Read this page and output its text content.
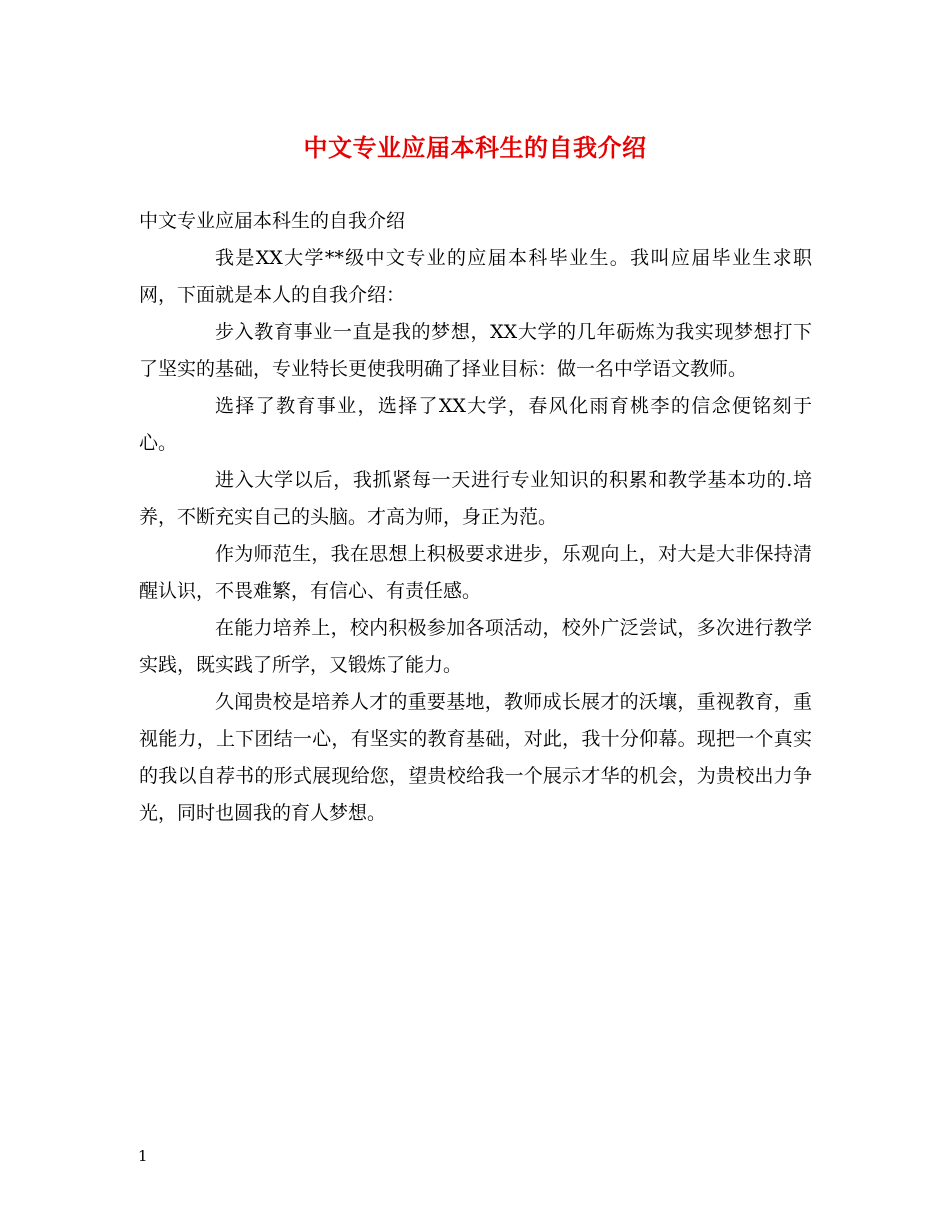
中文专业应届本科生的自我介绍

中文专业应届本科生的自我介绍

我是XX大学**级中文专业的应届本科毕业生。我叫应届毕业生求职网，下面就是本人的自我介绍：

步入教育事业一直是我的梦想，XX大学的几年砺炼为我实现梦想打下了坚实的基础，专业特长更使我明确了择业目标：做一名中学语文教师。

选择了教育事业，选择了XX大学，春风化雨育桃李的信念便铭刻于心。

进入大学以后，我抓紧每一天进行专业知识的积累和教学基本功的.培养，不断充实自己的头脑。才高为师，身正为范。

作为师范生，我在思想上积极要求进步，乐观向上，对大是大非保持清醒认识，不畏难繁，有信心、有责任感。

在能力培养上，校内积极参加各项活动，校外广泛尝试，多次进行教学实践，既实践了所学，又锻炼了能力。

久闻贵校是培养人才的重要基地，教师成长展才的沃壤，重视教育，重视能力，上下团结一心，有坚实的教育基础，对此，我十分仰幕。现把一个真实的我以自荐书的形式展现给您，望贵校给我一个展示才华的机会，为贵校出力争光，同时也圆我的育人梦想。

1
